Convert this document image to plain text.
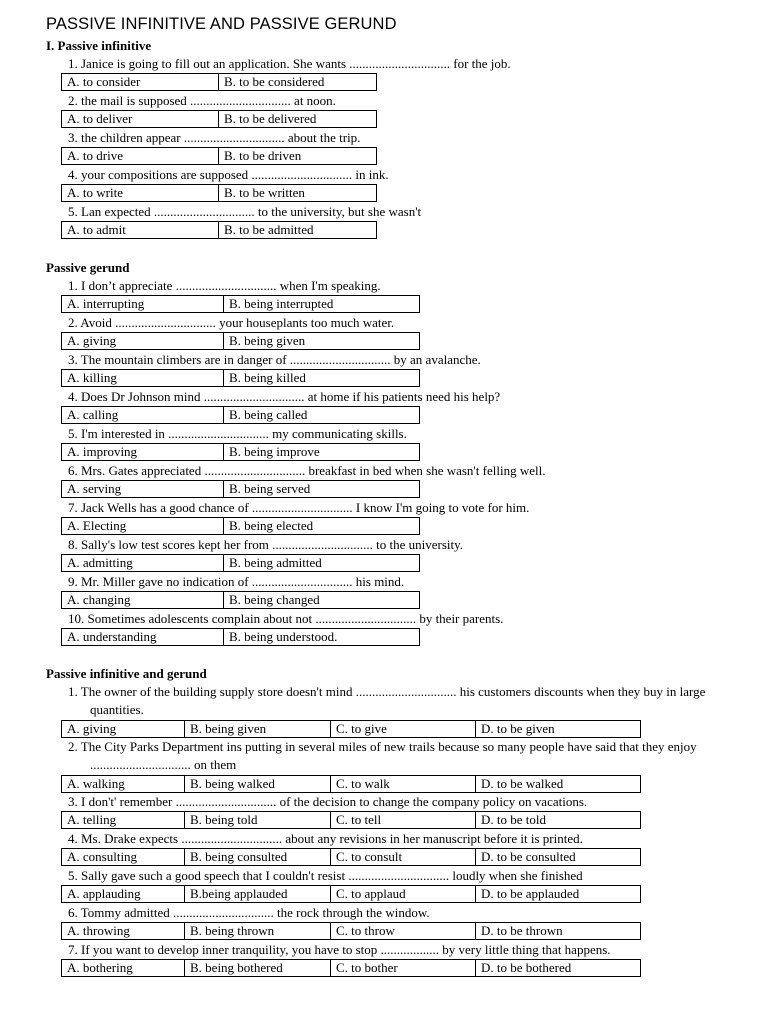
PASSIVE INFINITIVE AND PASSIVE GERUND
I. Passive infinitive
1. Janice is going to fill out an application. She wants ............................... for the job.
A. to consider	B. to be considered
2. the mail is supposed ............................... at noon.
A. to deliver	B. to be delivered
3. the children appear ............................... about the trip.
A. to drive	B. to be driven
4. your compositions are supposed ............................... in ink.
A. to write	B. to be written
5. Lan expected ............................... to the university, but she wasn't
A. to admit	B. to be admitted
Passive gerund
1. I don’t appreciate ............................... when I'm speaking.
A. interrupting	B. being interrupted
2. Avoid ............................... your houseplants too much water.
A. giving	B. being given
3. The mountain climbers are in danger of ............................... by an avalanche.
A. killing	B. being killed
4. Does Dr Johnson mind ............................... at home if his patients need his help?
A. calling	B. being called
5. I'm interested in ............................... my communicating skills.
A. improving	B. being improve
6. Mrs. Gates appreciated ............................... breakfast in bed when she wasn't felling well.
A. serving	B. being served
7. Jack Wells has a good chance of ............................... I know I'm going to vote for him.
A. Electing	B. being elected
8. Sally's low test scores kept her from ............................... to the university.
A. admitting	B. being admitted
9. Mr. Miller gave no indication of ............................... his mind.
A. changing	B. being changed
10. Sometimes adolescents complain about not ............................... by their parents.
A. understanding	B. being understood.
Passive infinitive and gerund
1. The owner of the building supply store doesn't mind ............................... his customers discounts when they buy in large quantities.
A. giving	B. being given	C. to give	D. to be given
2. The City Parks Department ins putting in several miles of new trails because so many people have said that they enjoy ............................... on them
A. walking	B. being walked	C. to walk	D. to be walked
3. I don't' remember ............................... of the decision to change the company policy on vacations.
A. telling	B. being told	C. to tell	D. to be told
4. Ms. Drake expects ............................... about any revisions in her manuscript before it is printed.
A. consulting	B. being consulted	C. to consult	D. to be consulted
5. Sally gave such a good speech that I couldn't resist ............................... loudly when she finished
A. applauding	B.being applauded	C. to applaud	D. to be applauded
6. Tommy admitted ............................... the rock through the window.
A. throwing	B. being thrown	C. to throw	D. to be thrown
7. If you want to develop inner tranquility, you have to stop .................. by very little thing that happens.
A. bothering	B. being bothered	C. to bother	D. to be bothered
